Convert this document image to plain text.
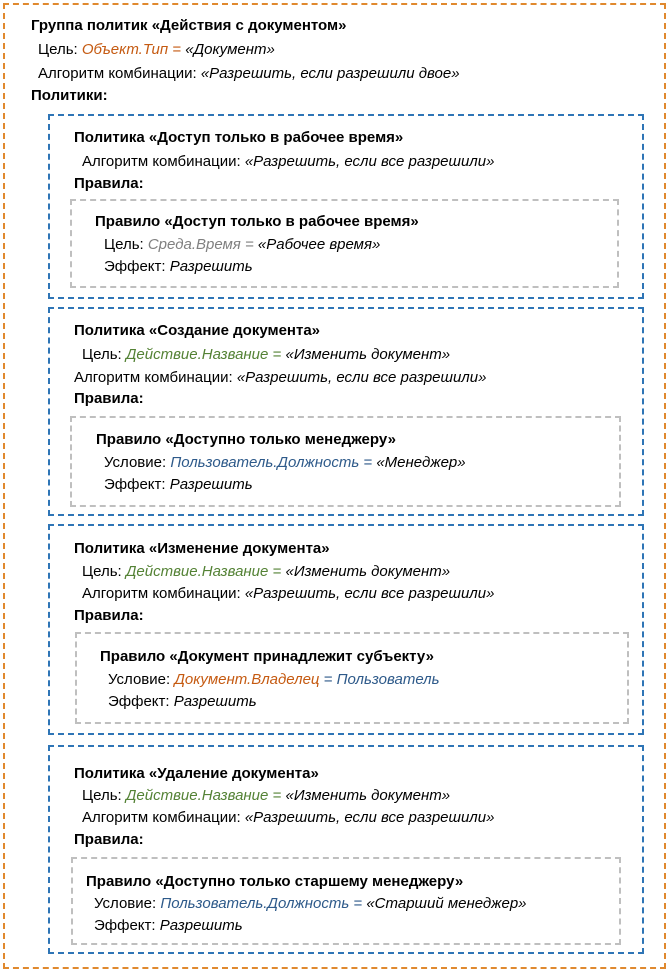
Группа политик «Действия с документом»
Цель: Объект.Тип = «Документ»
Алгоритм комбинации: «Разрешить, если разрешили двое»
Политики:
Политика «Доступ только в рабочее время»
Алгоритм комбинации: «Разрешить, если все разрешили»
Правила:
Правило «Доступ только в рабочее время»
Цель: Среда.Время = «Рабочее время»
Эффект: Разрешить
Политика «Создание документа»
Цель: Действие.Название = «Изменить документ»
Алгоритм комбинации: «Разрешить, если все разрешили»
Правила:
Правило «Доступно только менеджеру»
Условие: Пользователь.Должность = «Менеджер»
Эффект: Разрешить
Политика «Изменение документа»
Цель: Действие.Название = «Изменить документ»
Алгоритм комбинации: «Разрешить, если все разрешили»
Правила:
Правило «Документ принадлежит субъекту»
Условие: Документ.Владелец = Пользователь
Эффект: Разрешить
Политика «Удаление документа»
Цель: Действие.Название = «Изменить документ»
Алгоритм комбинации: «Разрешить, если все разрешили»
Правила:
Правило «Доступно только старшему менеджеру»
Условие: Пользователь.Должность = «Старший менеджер»
Эффект: Разрешить
